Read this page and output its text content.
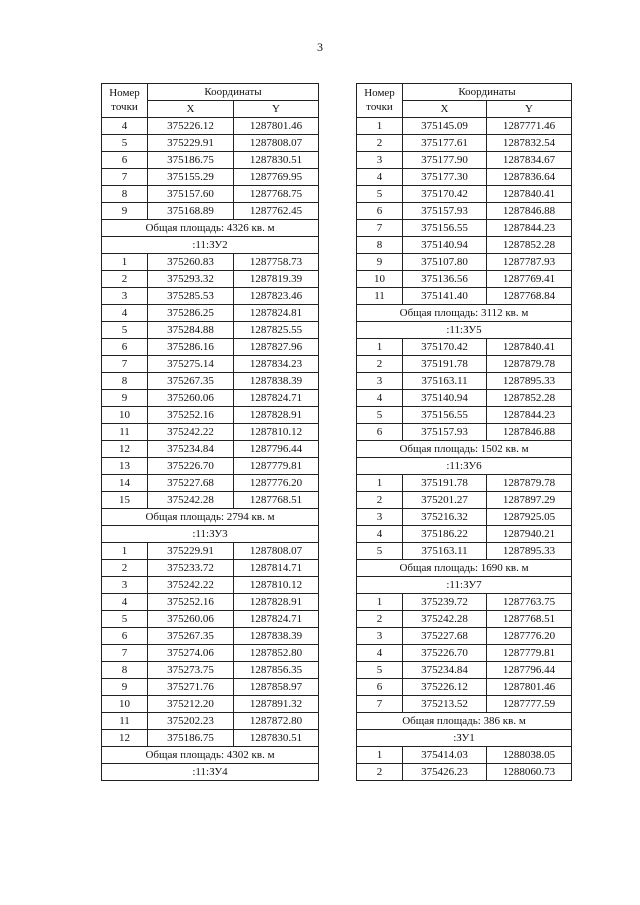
3
Номер
точки	Координаты	
	X	Y
4	375226.12	1287801.46
5	375229.91	1287808.07
6	375186.75	1287830.51
7	375155.29	1287769.95
8	375157.60	1287768.75
9	375168.89	1287762.45
Общая площадь: 4326 кв. м		
:11:ЗУ2		
1	375260.83	1287758.73
2	375293.32	1287819.39
3	375285.53	1287823.46
4	375286.25	1287824.81
5	375284.88	1287825.55
6	375286.16	1287827.96
7	375275.14	1287834.23
8	375267.35	1287838.39
9	375260.06	1287824.71
10	375252.16	1287828.91
11	375242.22	1287810.12
12	375234.84	1287796.44
13	375226.70	1287779.81
14	375227.68	1287776.20
15	375242.28	1287768.51
Общая площадь: 2794 кв. м		
:11:ЗУ3		
1	375229.91	1287808.07
2	375233.72	1287814.71
3	375242.22	1287810.12
4	375252.16	1287828.91
5	375260.06	1287824.71
6	375267.35	1287838.39
7	375274.06	1287852.80
8	375273.75	1287856.35
9	375271.76	1287858.97
10	375212.20	1287891.32
11	375202.23	1287872.80
12	375186.75	1287830.51
Общая площадь: 4302 кв. м		
:11:ЗУ4		
Номер
точки	Координаты	
	X	Y
1	375145.09	1287771.46
2	375177.61	1287832.54
3	375177.90	1287834.67
4	375177.30	1287836.64
5	375170.42	1287840.41
6	375157.93	1287846.88
7	375156.55	1287844.23
8	375140.94	1287852.28
9	375107.80	1287787.93
10	375136.56	1287769.41
11	375141.40	1287768.84
Общая площадь: 3112 кв. м		
:11:ЗУ5		
1	375170.42	1287840.41
2	375191.78	1287879.78
3	375163.11	1287895.33
4	375140.94	1287852.28
5	375156.55	1287844.23
6	375157.93	1287846.88
Общая площадь: 1502 кв. м		
:11:ЗУ6		
1	375191.78	1287879.78
2	375201.27	1287897.29
3	375216.32	1287925.05
4	375186.22	1287940.21
5	375163.11	1287895.33
Общая площадь: 1690 кв. м		
:11:ЗУ7		
1	375239.72	1287763.75
2	375242.28	1287768.51
3	375227.68	1287776.20
4	375226.70	1287779.81
5	375234.84	1287796.44
6	375226.12	1287801.46
7	375213.52	1287777.59
Общая площадь: 386 кв. м		
:ЗУ1		
1	375414.03	1288038.05
2	375426.23	1288060.73
